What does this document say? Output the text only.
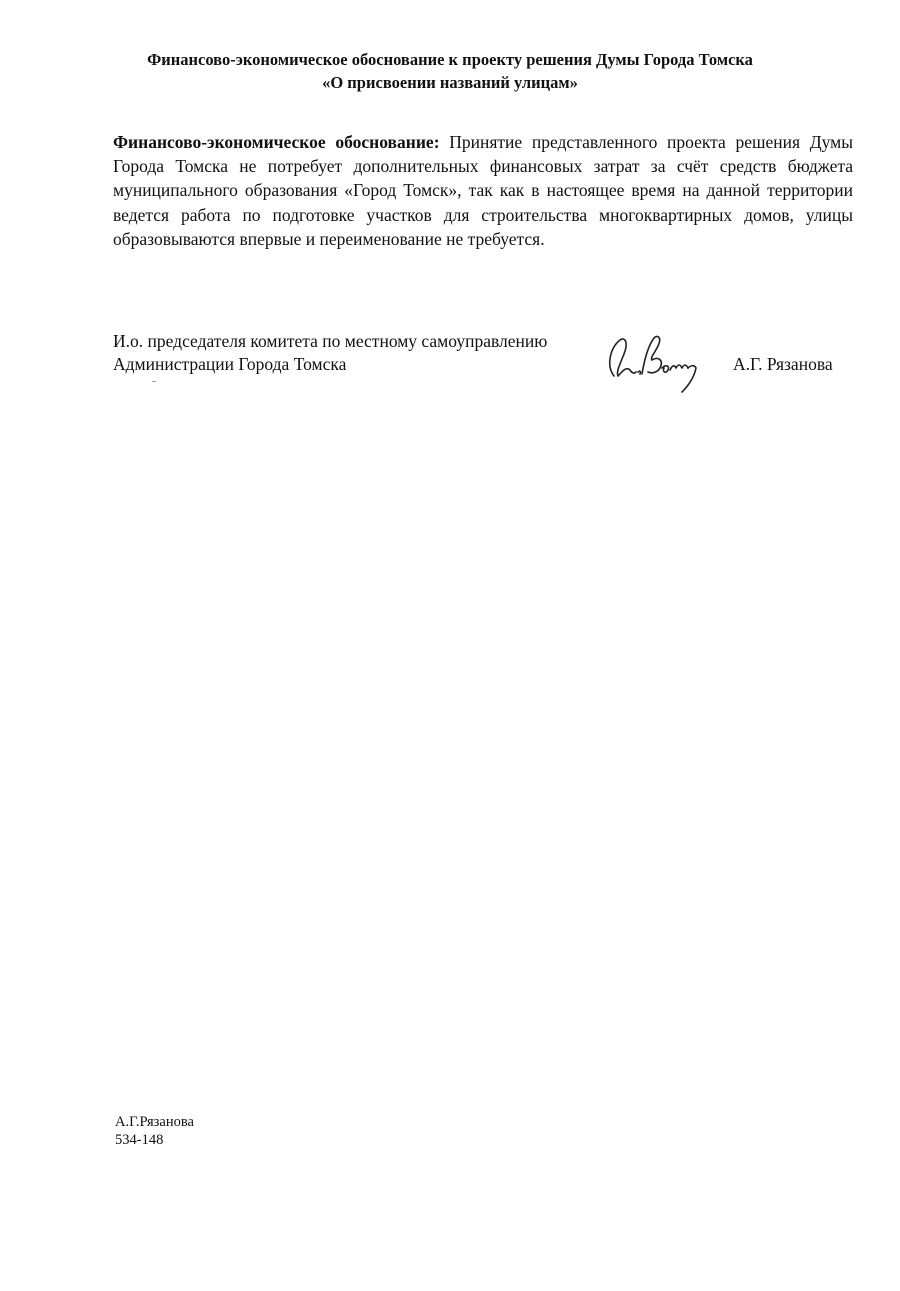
Финансово-экономическое обоснование к проекту решения Думы Города Томска
«О присвоении названий улицам»
Финансово-экономическое обоснование: Принятие представленного проекта решения Думы Города Томска не потребует дополнительных финансовых затрат за счёт средств бюджета муниципального образования «Город Томск», так как в настоящее время на данной территории ведется работа по подготовке участков для строительства многоквартирных домов, улицы образовываются впервые и переименование не требуется.
И.о. председателя комитета по местному самоуправлению
Администрации Города Томска	А.Г. Рязанова
А.Г.Рязанова
534-148
